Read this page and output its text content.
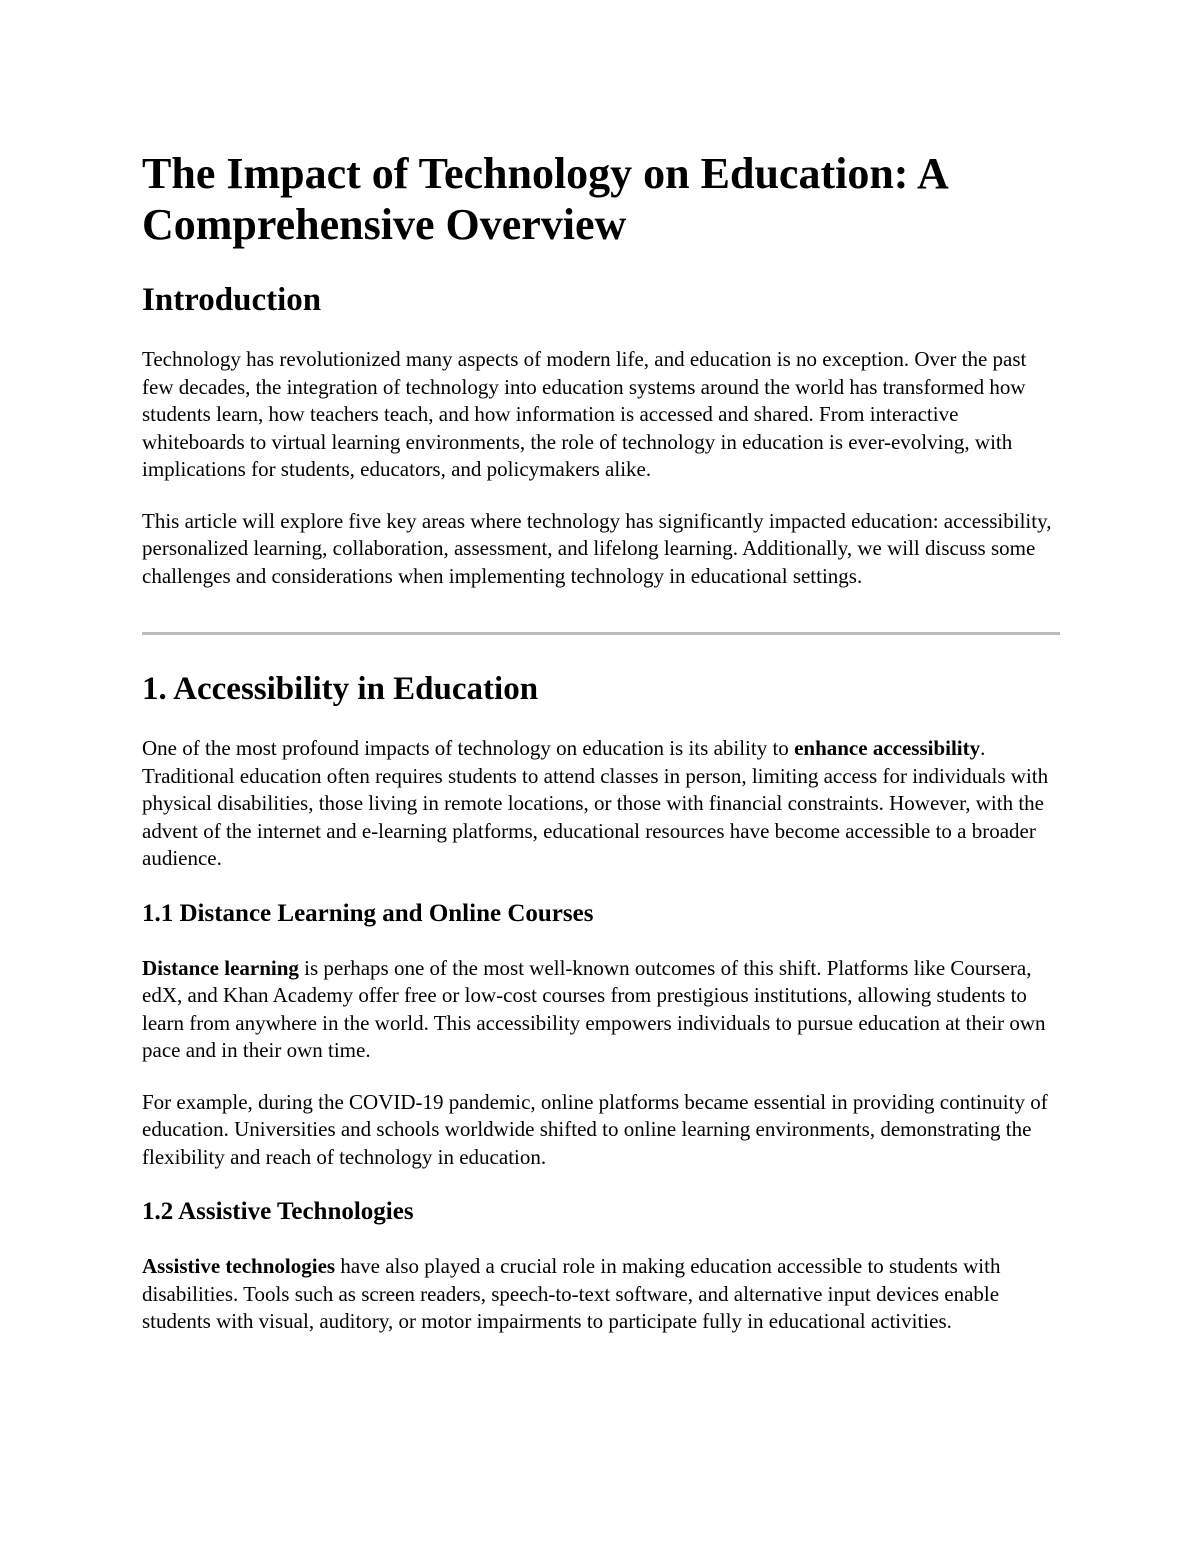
The Impact of Technology on Education: A Comprehensive Overview
Introduction

Technology has revolutionized many aspects of modern life, and education is no exception. Over the past few decades, the integration of technology into education systems around the world has transformed how students learn, how teachers teach, and how information is accessed and shared. From interactive whiteboards to virtual learning environments, the role of technology in education is ever-evolving, with implications for students, educators, and policymakers alike.

This article will explore five key areas where technology has significantly impacted education: accessibility, personalized learning, collaboration, assessment, and lifelong learning. Additionally, we will discuss some challenges and considerations when implementing technology in educational settings.

1. Accessibility in Education

One of the most profound impacts of technology on education is its ability to enhance accessibility. Traditional education often requires students to attend classes in person, limiting access for individuals with physical disabilities, those living in remote locations, or those with financial constraints. However, with the advent of the internet and e-learning platforms, educational resources have become accessible to a broader audience.

1.1 Distance Learning and Online Courses

Distance learning is perhaps one of the most well-known outcomes of this shift. Platforms like Coursera, edX, and Khan Academy offer free or low-cost courses from prestigious institutions, allowing students to learn from anywhere in the world. This accessibility empowers individuals to pursue education at their own pace and in their own time.

For example, during the COVID-19 pandemic, online platforms became essential in providing continuity of education. Universities and schools worldwide shifted to online learning environments, demonstrating the flexibility and reach of technology in education.

1.2 Assistive Technologies

Assistive technologies have also played a crucial role in making education accessible to students with disabilities. Tools such as screen readers, speech-to-text software, and alternative input devices enable students with visual, auditory, or motor impairments to participate fully in educational activities.
